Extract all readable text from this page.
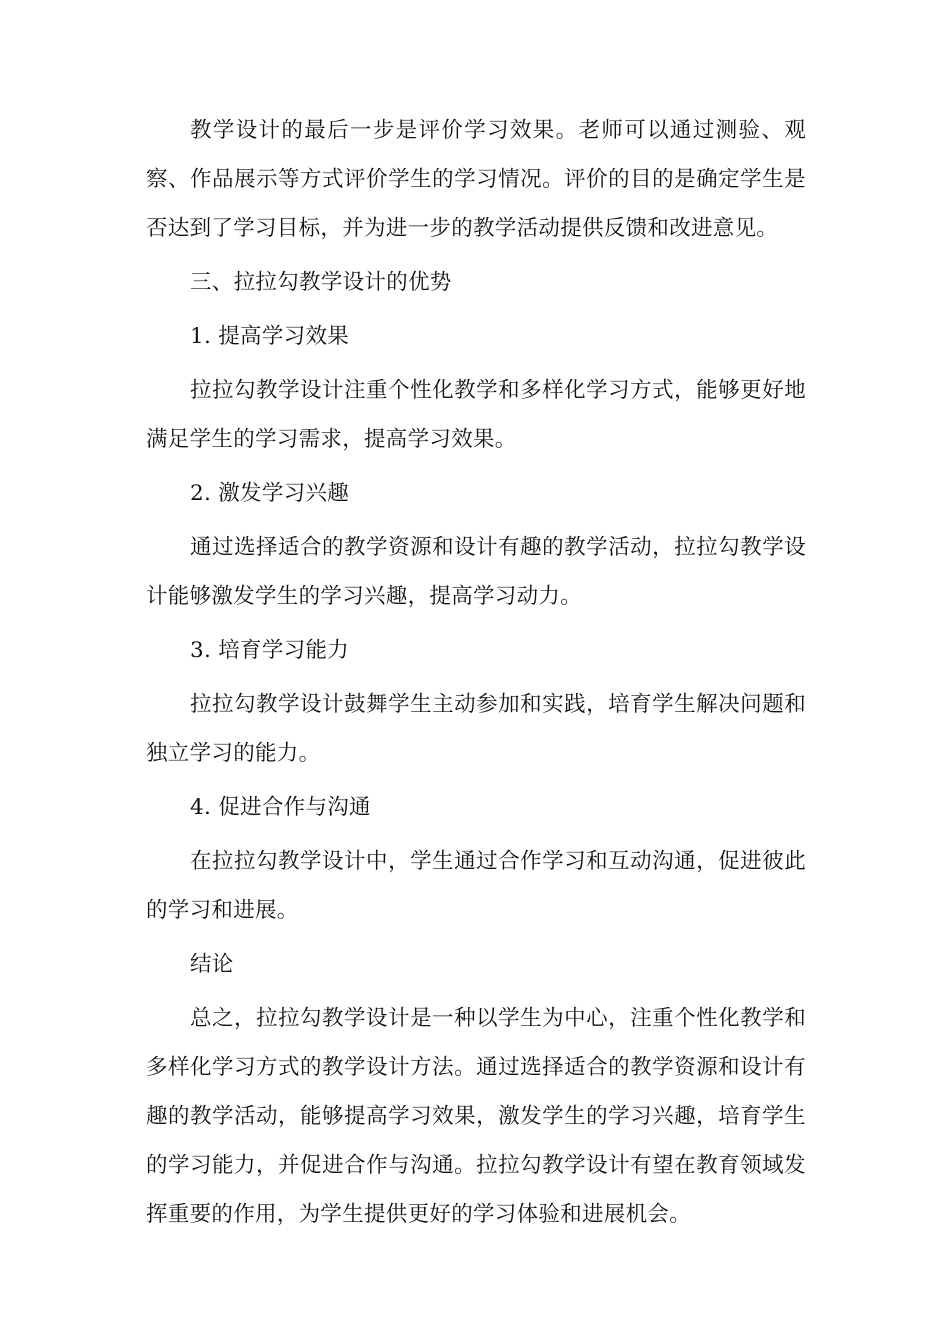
教学设计的最后一步是评价学习效果。老师可以通过测验、观察、作品展示等方式评价学生的学习情况。评价的目的是确定学生是否达到了学习目标，并为进一步的教学活动提供反馈和改进意见。

三、拉拉勾教学设计的优势

1. 提高学习效果

拉拉勾教学设计注重个性化教学和多样化学习方式，能够更好地满足学生的学习需求，提高学习效果。

2. 激发学习兴趣

通过选择适合的教学资源和设计有趣的教学活动，拉拉勾教学设计能够激发学生的学习兴趣，提高学习动力。

3. 培育学习能力

拉拉勾教学设计鼓舞学生主动参加和实践，培育学生解决问题和独立学习的能力。

4. 促进合作与沟通

在拉拉勾教学设计中，学生通过合作学习和互动沟通，促进彼此的学习和进展。

结论

总之，拉拉勾教学设计是一种以学生为中心，注重个性化教学和多样化学习方式的教学设计方法。通过选择适合的教学资源和设计有趣的教学活动，能够提高学习效果，激发学生的学习兴趣，培育学生的学习能力，并促进合作与沟通。拉拉勾教学设计有望在教育领域发挥重要的作用，为学生提供更好的学习体验和进展机会。
